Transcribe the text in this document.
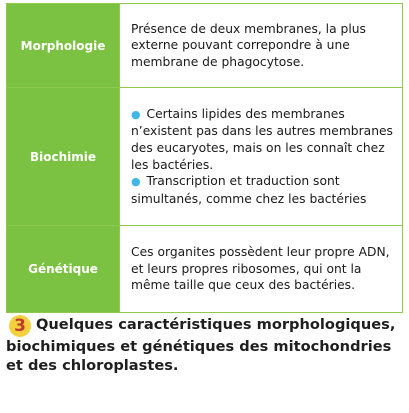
Morphologie	Présence de deux membranes, la plus externe pouvant correpondre à une membrane de phagocytose.
Biochimie	● Certains lipides des membranes n’existent pas dans les autres membranes des eucaryotes, mais on les connaît chez les bactéries.
● Transcription et traduction sont simultanés, comme chez les bactéries

Génétique	Ces organites possèdent leur propre ADN, et leurs propres ribosomes, qui ont la même taille que ceux des bactéries.
3 Quelques caractéristiques morphologiques, biochimiques et génétiques des mitochondries et des chloroplastes.
